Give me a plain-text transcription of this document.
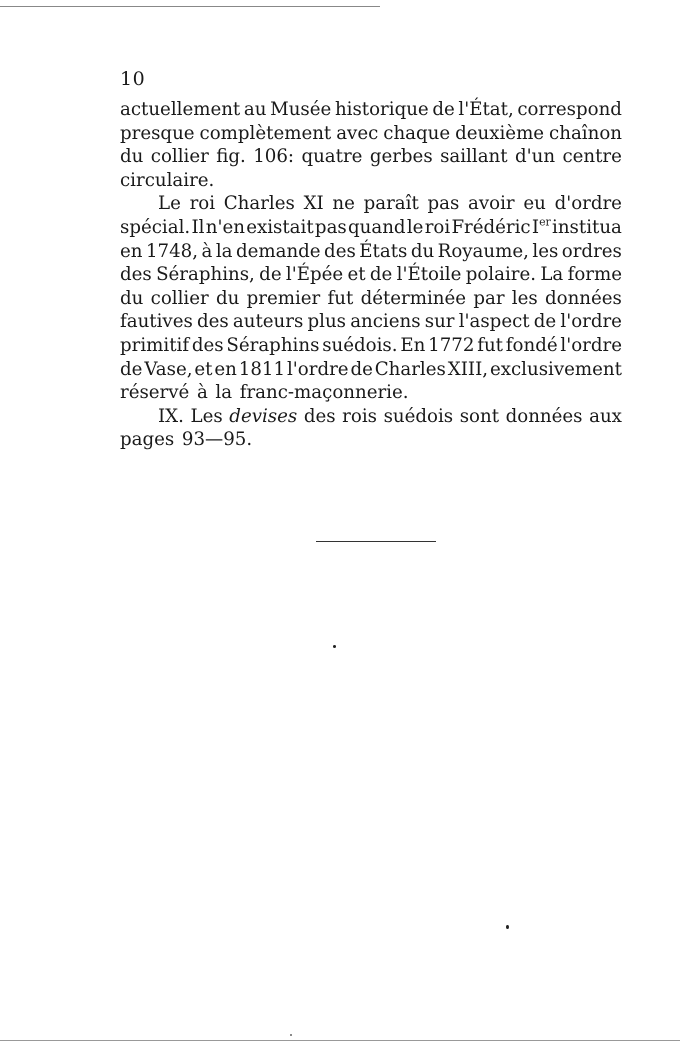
10
actuellement au Musée historique de l'État, correspond
presque complètement avec chaque deuxième chaînon
du collier fig. 106: quatre gerbes saillant d'un centre
circulaire.
Le roi Charles XI ne paraît pas avoir eu d'ordre
spécial. Il n'en existait pas quand le roi Frédéric Ier institua
en 1748, à la demande des États du Royaume, les ordres
des Séraphins, de l'Épée et de l'Étoile polaire. La forme
du collier du premier fut déterminée par les données
fautives des auteurs plus anciens sur l'aspect de l'ordre
primitif des Séraphins suédois. En 1772 fut fondé l'ordre
de Vase, et en 1811 l'ordre de Charles XIII, exclusivement
réservé à la franc-maçonnerie.
IX. Les devises des rois suédois sont données aux
pages 93—95.
